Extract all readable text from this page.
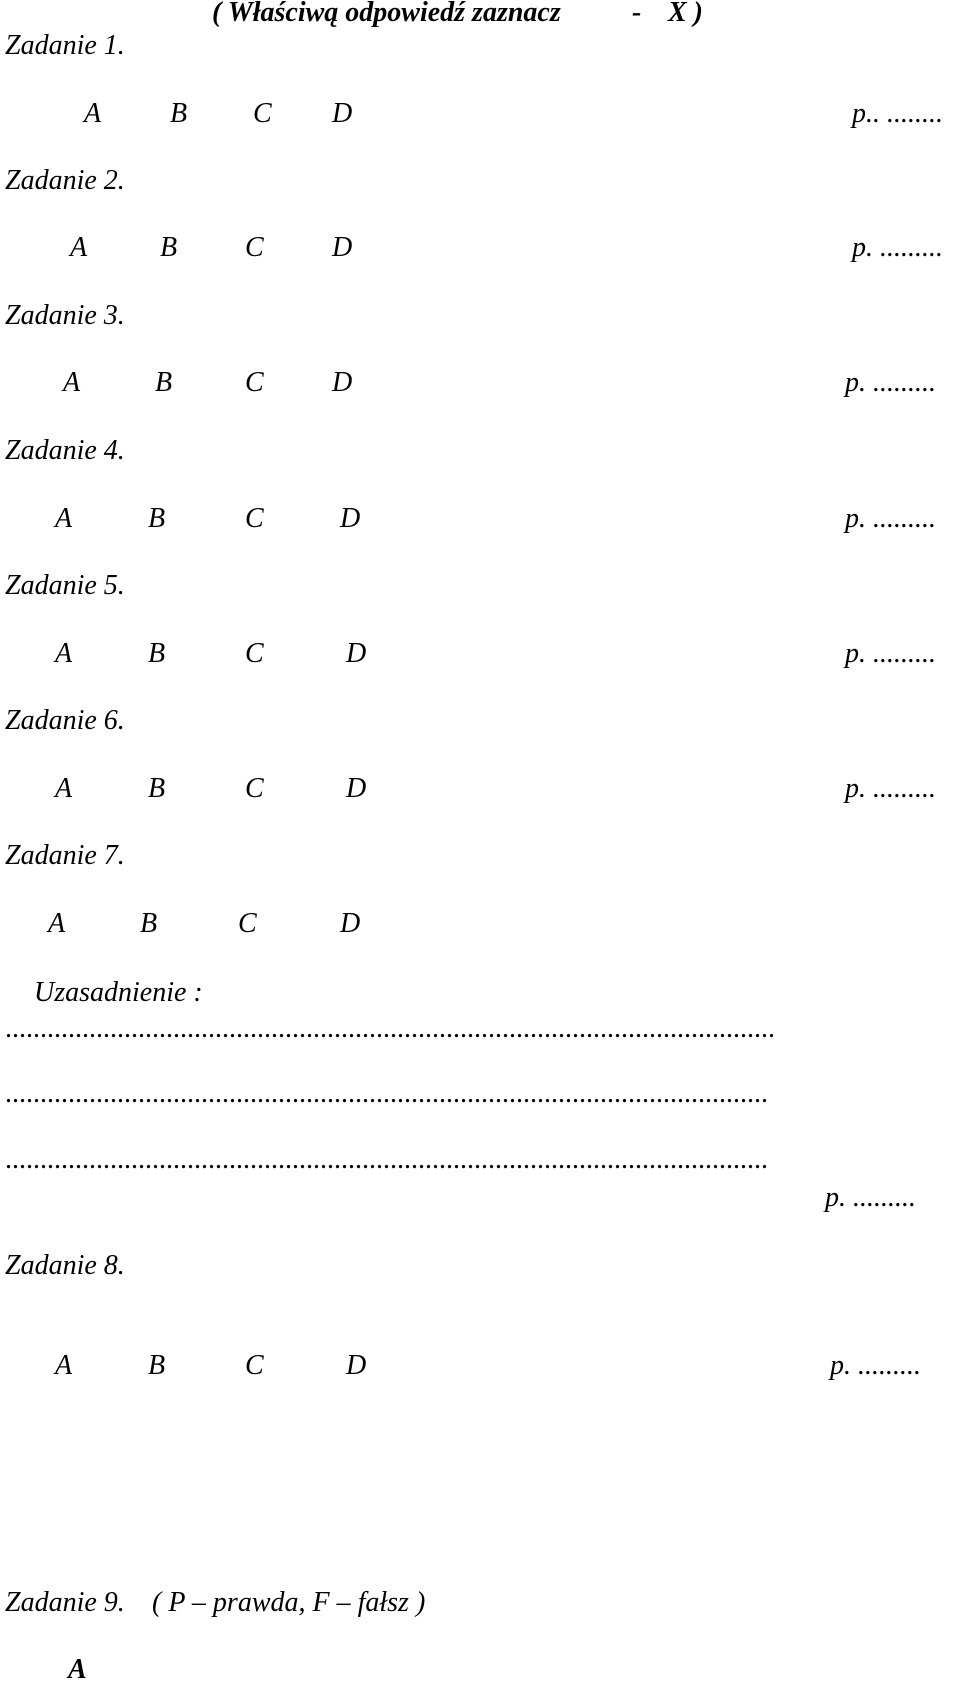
( Właściwą odpowiedź zaznacz	- X )
Zadanie 1.
A B C D	p.. ........
Zadanie 2.
A	B C D	p. .........
Zadanie 3.
A	B	C D	p. .........
Zadanie 4.
A	B	C	D	p. .........
Zadanie 5.
A	B	C	D	p. .........
Zadanie 6.
A	B	C	D	p. .........
Zadanie 7.
A	B	C	D
Uzasadnienie :
..............................................................................................................
.............................................................................................................
.............................................................................................................
p. .........
Zadanie 8.
A	B	C	D	p. .........
Zadanie 9. ( P – prawda, F – fałsz )
A
